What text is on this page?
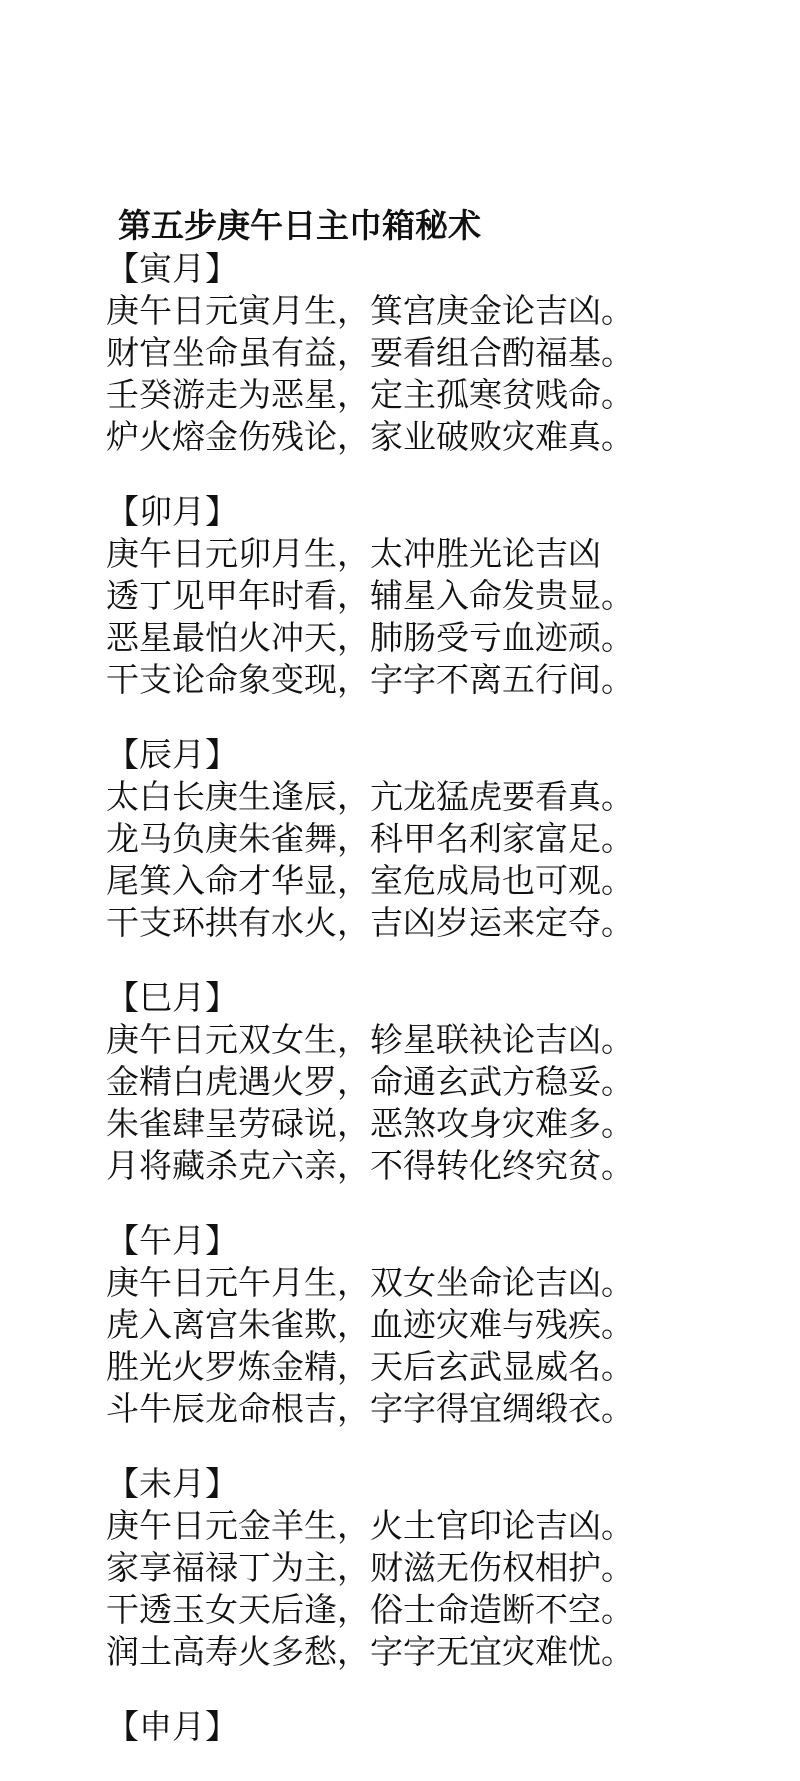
第五步庚午日主巾箱秘术
【寅月】
庚午日元寅月生，箕宫庚金论吉凶。
财官坐命虽有益，要看组合酌福基。
壬癸游走为恶星，定主孤寒贫贱命。
炉火熔金伤残论，家业破败灾难真。
【卯月】
庚午日元卯月生，太冲胜光论吉凶
透丁见甲年时看，辅星入命发贵显。
恶星最怕火冲天，肺肠受亏血迹顽。
干支论命象变现，字字不离五行间。
【辰月】
太白长庚生逢辰，亢龙猛虎要看真。
龙马负庚朱雀舞，科甲名利家富足。
尾箕入命才华显，室危成局也可观。
干支环拱有水火，吉凶岁运来定夺。
【巳月】
庚午日元双女生，轸星联袂论吉凶。
金精白虎遇火罗，命通玄武方稳妥。
朱雀肆呈劳碌说，恶煞攻身灾难多。
月将藏杀克六亲，不得转化终究贫。
【午月】
庚午日元午月生，双女坐命论吉凶。
虎入离宫朱雀欺，血迹灾难与残疾。
胜光火罗炼金精，天后玄武显威名。
斗牛辰龙命根吉，字字得宜绸缎衣。
【未月】
庚午日元金羊生，火土官印论吉凶。
家享福禄丁为主，财滋无伤权相护。
干透玉女天后逢，俗士命造断不空。
润土高寿火多愁，字字无宜灾难忧。
【申月】
